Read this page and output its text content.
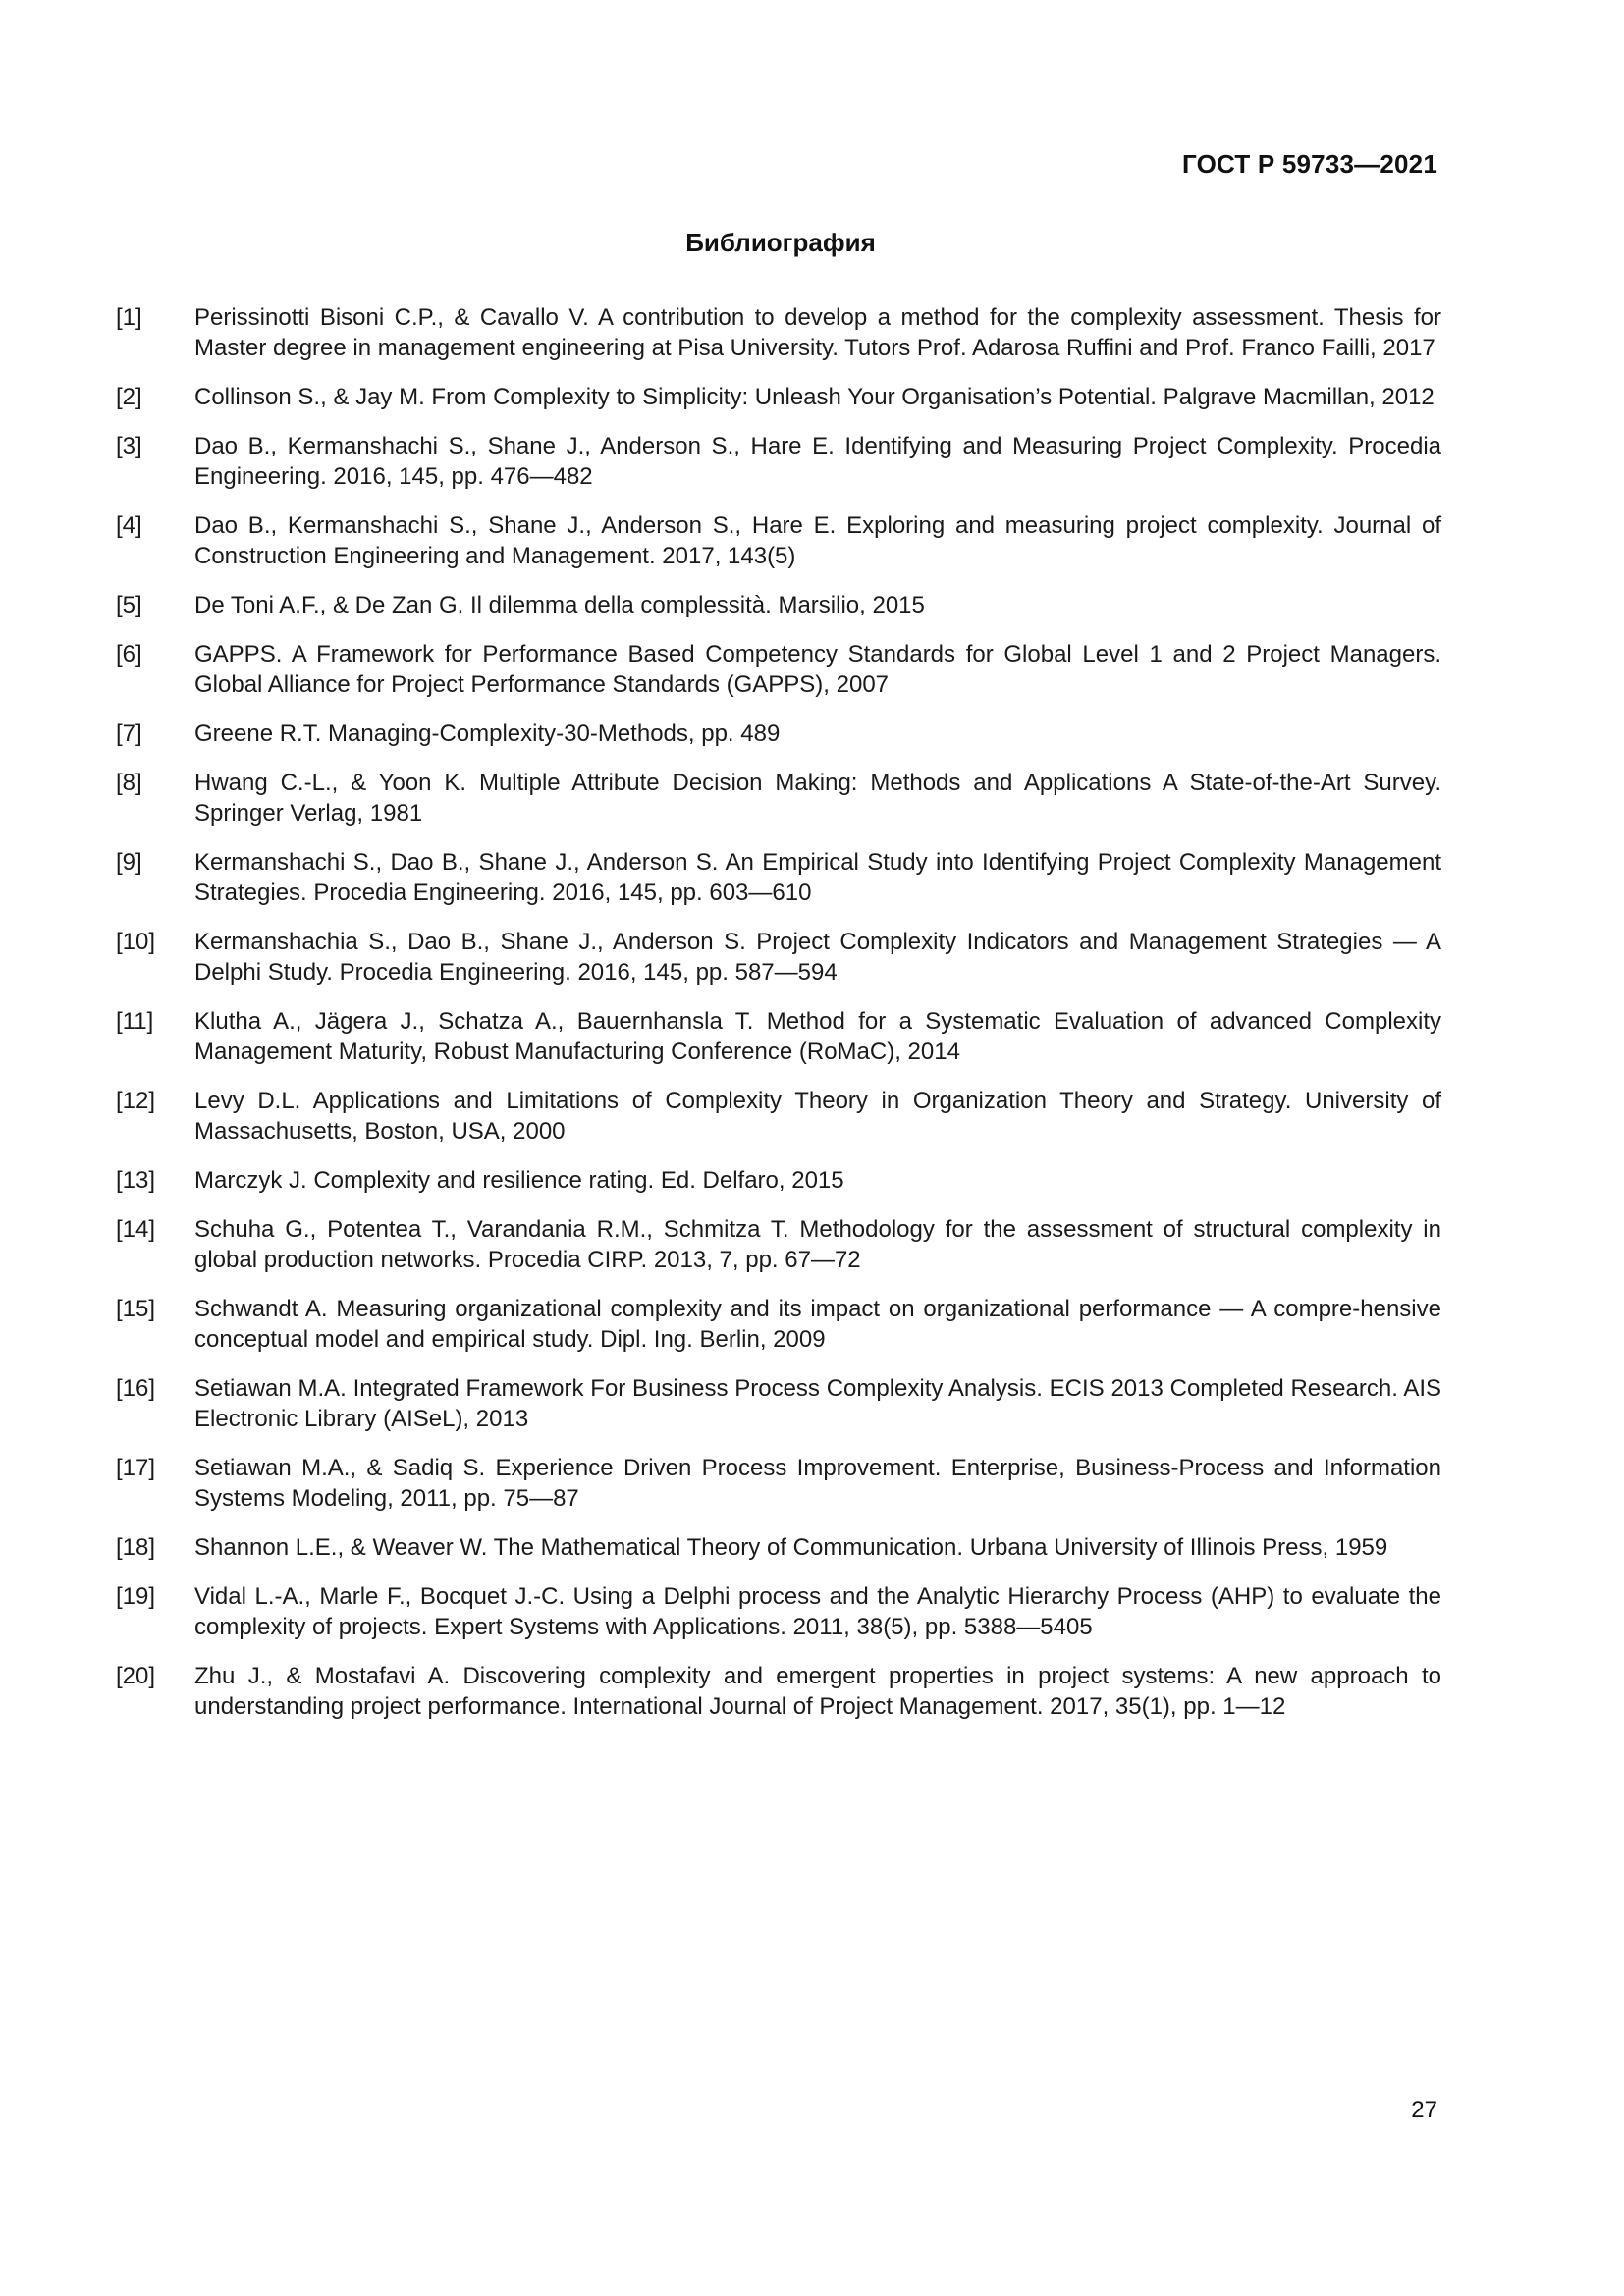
ГОСТ Р 59733—2021
Библиография
[1]	Perissinotti Bisoni C.P., & Cavallo V. A contribution to develop a method for the complexity assessment. Thesis for Master degree in management engineering at Pisa University. Tutors Prof. Adarosa Ruffini and Prof. Franco Failli, 2017
[2]	Collinson S., & Jay M. From Complexity to Simplicity: Unleash Your Organisation’s Potential. Palgrave Macmillan, 2012
[3]	Dao B., Kermanshachi S., Shane J., Anderson S., Hare E. Identifying and Measuring Project Complexity. Procedia Engineering. 2016, 145, pp. 476—482
[4]	Dao B., Kermanshachi S., Shane J., Anderson S., Hare E. Exploring and measuring project complexity. Journal of Construction Engineering and Management. 2017, 143(5)
[5]	De Toni A.F., & De Zan G. Il dilemma della complessità. Marsilio, 2015
[6]	GAPPS. A Framework for Performance Based Competency Standards for Global Level 1 and 2 Project Managers. Global Alliance for Project Performance Standards (GAPPS), 2007
[7]	Greene R.T. Managing-Complexity-30-Methods, pp. 489
[8]	Hwang C.-L., & Yoon K. Multiple Attribute Decision Making: Methods and Applications A State-of-the-Art Survey. Springer Verlag, 1981
[9]	Kermanshachi S., Dao B., Shane J., Anderson S. An Empirical Study into Identifying Project Complexity Management Strategies. Procedia Engineering. 2016, 145, pp. 603—610
[10]	Kermanshachia S., Dao B., Shane J., Anderson S. Project Complexity Indicators and Management Strategies — A Delphi Study. Procedia Engineering. 2016, 145, pp. 587—594
[11]	Klutha A., Jägera J., Schatza A., Bauernhansla T. Method for a Systematic Evaluation of advanced Complexity Management Maturity, Robust Manufacturing Conference (RoMaC), 2014
[12]	Levy D.L. Applications and Limitations of Complexity Theory in Organization Theory and Strategy. University of Massachusetts, Boston, USA, 2000
[13]	Marczyk J. Complexity and resilience rating. Ed. Delfaro, 2015
[14]	Schuha G., Potentea T., Varandania R.M., Schmitza T. Methodology for the assessment of structural complexity in global production networks. Procedia CIRP. 2013, 7, pp. 67—72
[15]	Schwandt A. Measuring organizational complexity and its impact on organizational performance — A compre-hensive conceptual model and empirical study. Dipl. Ing. Berlin, 2009
[16]	Setiawan M.A. Integrated Framework For Business Process Complexity Analysis. ECIS 2013 Completed Research. AIS Electronic Library (AISeL), 2013
[17]	Setiawan M.A., & Sadiq S. Experience Driven Process Improvement. Enterprise, Business-Process and Information Systems Modeling, 2011, pp. 75—87
[18]	Shannon L.E., & Weaver W. The Mathematical Theory of Communication. Urbana University of Illinois Press, 1959
[19]	Vidal L.-A., Marle F., Bocquet J.-C. Using a Delphi process and the Analytic Hierarchy Process (AHP) to evaluate the complexity of projects. Expert Systems with Applications. 2011, 38(5), pp. 5388—5405
[20]	Zhu J., & Mostafavi A. Discovering complexity and emergent properties in project systems: A new approach to understanding project performance. International Journal of Project Management. 2017, 35(1), pp. 1—12
27
